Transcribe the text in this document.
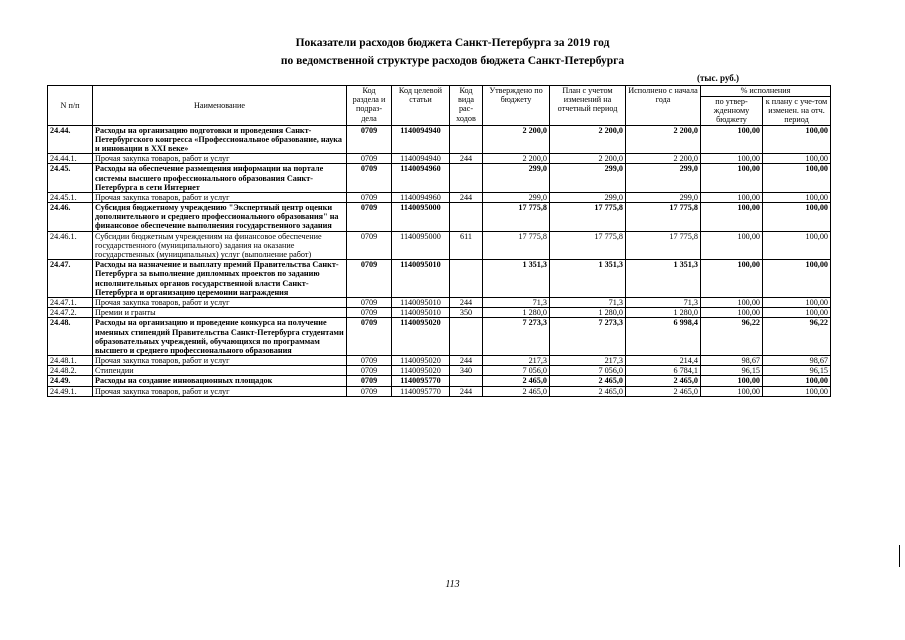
Показатели расходов бюджета Санкт-Петербурга за 2019 год
по ведомственной структуре расходов бюджета Санкт-Петербурга
(тыс. руб.)
N п/п	Наименование	Код раздела и подраз-дела	Код целевой статьи	Код вида рас-ходов	Утверждено по бюджету	План с учетом изменений на отчетный период	Исполнено с начала года	% исполнения	
								по утвер-жденному бюджету	к плану с уче-том изменен. на отч. период
24.44.	Расходы на организацию подготовки и проведения Санкт-Петербургского конгресса «Профессиональное образование, наука и инновации в XXI веке»	0709	1140094940		2 200,0	2 200,0	2 200,0	100,00	100,00
24.44.1.	Прочая закупка товаров, работ и услуг	0709	1140094940	244	2 200,0	2 200,0	2 200,0	100,00	100,00
24.45.	Расходы на обеспечение размещения информации на портале системы высшего профессионального образования Санкт-Петербурга в сети Интернет	0709	1140094960		299,0	299,0	299,0	100,00	100,00
24.45.1.	Прочая закупка товаров, работ и услуг	0709	1140094960	244	299,0	299,0	299,0	100,00	100,00
24.46.	Субсидия бюджетному учреждению "Экспертный центр оценки дополнительного и среднего профессионального образования" на финансовое обеспечение выполнения государственного задания	0709	1140095000		17 775,8	17 775,8	17 775,8	100,00	100,00
24.46.1.	Субсидии бюджетным учреждениям на финансовое обеспечение государственного (муниципального) задания на оказание государственных (муниципальных) услуг (выполнение работ)	0709	1140095000	611	17 775,8	17 775,8	17 775,8	100,00	100,00
24.47.	Расходы на назначение и выплату премий Правительства Санкт-Петербурга за выполнение дипломных проектов по заданию исполнительных органов государственной власти Санкт-Петербурга и организацию церемонии награждения	0709	1140095010		1 351,3	1 351,3	1 351,3	100,00	100,00
24.47.1.	Прочая закупка товаров, работ и услуг	0709	1140095010	244	71,3	71,3	71,3	100,00	100,00
24.47.2.	Премии и гранты	0709	1140095010	350	1 280,0	1 280,0	1 280,0	100,00	100,00
24.48.	Расходы на организацию и проведение конкурса на получение именных стипендий Правительства Санкт-Петербурга студентами образовательных учреждений, обучающихся по программам высшего и среднего профессионального образования	0709	1140095020		7 273,3	7 273,3	6 998,4	96,22	96,22
24.48.1.	Прочая закупка товаров, работ и услуг	0709	1140095020	244	217,3	217,3	214,4	98,67	98,67
24.48.2.	Стипендии	0709	1140095020	340	7 056,0	7 056,0	6 784,1	96,15	96,15
24.49.	Расходы на создание инновационных площадок	0709	1140095770		2 465,0	2 465,0	2 465,0	100,00	100,00
24.49.1.	Прочая закупка товаров, работ и услуг	0709	1140095770	244	2 465,0	2 465,0	2 465,0	100,00	100,00
113
